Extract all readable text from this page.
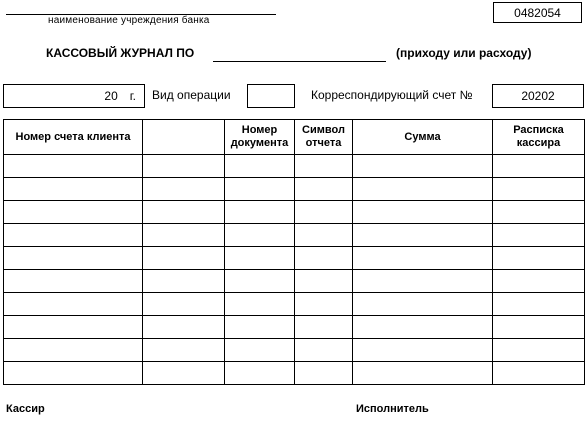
наименование учреждения банка
0482054
КАССОВЫЙ ЖУРНАЛ ПО	(приходу или расходу)
20 г.	Вид операции	Корреспондирующий счет №	20202
Номер счета клиента		Номер документа	Символ отчета	Сумма	Расписка кассира

Кассир	Исполнитель
